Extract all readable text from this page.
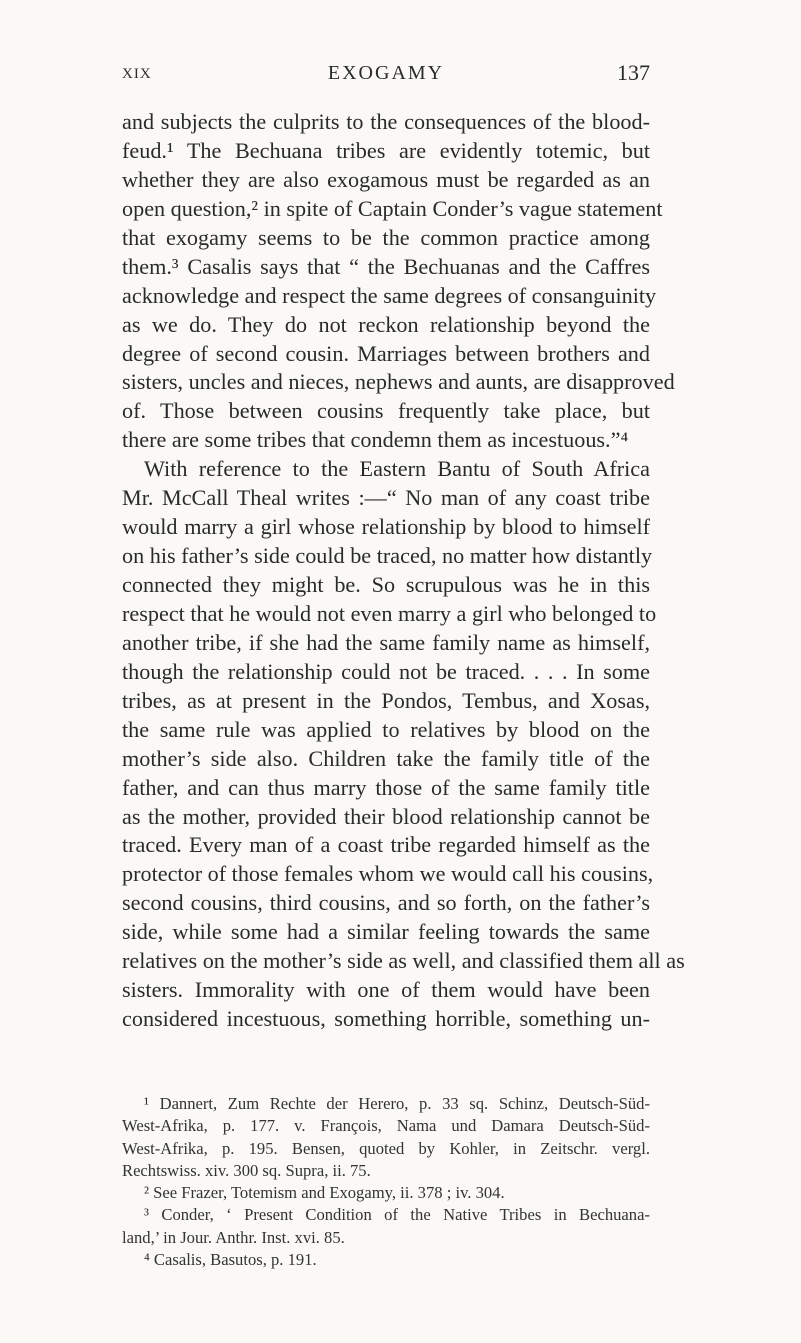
XIX	EXOGAMY	137
and subjects the culprits to the consequences of the blood-
feud.¹ The Bechuana tribes are evidently totemic, but
whether they are also exogamous must be regarded as an
open question,² in spite of Captain Conder’s vague statement
that exogamy seems to be the common practice among
them.³ Casalis says that “ the Bechuanas and the Caffres
acknowledge and respect the same degrees of consanguinity
as we do. They do not reckon relationship beyond the
degree of second cousin. Marriages between brothers and
sisters, uncles and nieces, nephews and aunts, are disapproved
of. Those between cousins frequently take place, but
there are some tribes that condemn them as incestuous.”⁴
With reference to the Eastern Bantu of South Africa
Mr. McCall Theal writes :—“ No man of any coast tribe
would marry a girl whose relationship by blood to himself
on his father’s side could be traced, no matter how distantly
connected they might be. So scrupulous was he in this
respect that he would not even marry a girl who belonged to
another tribe, if she had the same family name as himself,
though the relationship could not be traced. . . . In some
tribes, as at present in the Pondos, Tembus, and Xosas,
the same rule was applied to relatives by blood on the
mother’s side also. Children take the family title of the
father, and can thus marry those of the same family title
as the mother, provided their blood relationship cannot be
traced. Every man of a coast tribe regarded himself as the
protector of those females whom we would call his cousins,
second cousins, third cousins, and so forth, on the father’s
side, while some had a similar feeling towards the same
relatives on the mother’s side as well, and classified them all as
sisters. Immorality with one of them would have been
considered incestuous, something horrible, something un-
¹ Dannert, Zum Rechte der Herero, p. 33 sq. Schinz, Deutsch-Süd-
West-Afrika, p. 177. v. François, Nama und Damara Deutsch-Süd-
West-Afrika, p. 195. Bensen, quoted by Kohler, in Zeitschr. vergl.
Rechtswiss. xiv. 300 sq. Supra, ii. 75.
² See Frazer, Totemism and Exogamy, ii. 378 ; iv. 304.
³ Conder, ‘ Present Condition of the Native Tribes in Bechuana-
land,’ in Jour. Anthr. Inst. xvi. 85.
⁴ Casalis, Basutos, p. 191.
